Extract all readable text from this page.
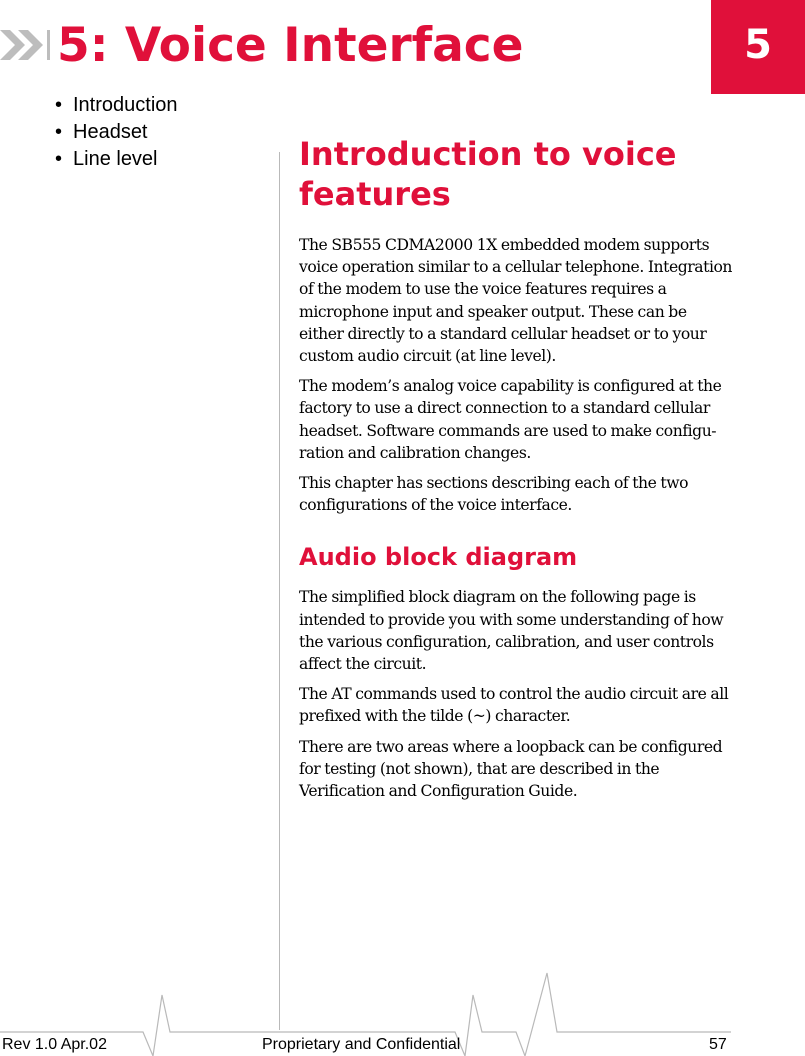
5: Voice Interface	5
• Introduction
• Headset
• Line level	Introduction to voice features

The SB555 CDMA2000 1X embedded modem supports voice operation similar to a cellular telephone. Integration of the modem to use the voice features requires a microphone input and speaker output. These can be either directly to a standard cellular headset or to your custom audio circuit (at line level).

The modem’s analog voice capability is configured at the factory to use a direct connection to a standard cellular headset. Software commands are used to make configu-ration and calibration changes.

This chapter has sections describing each of the two configurations of the voice interface.

Audio block diagram

The simplified block diagram on the following page is intended to provide you with some understanding of how the various configuration, calibration, and user controls affect the circuit.

The AT commands used to control the audio circuit are all prefixed with the tilde (~) character.

There are two areas where a loopback can be configured for testing (not shown), that are described in the Verification and Configuration Guide.

Rev 1.0 Apr.02	Proprietary and Confidential	57
